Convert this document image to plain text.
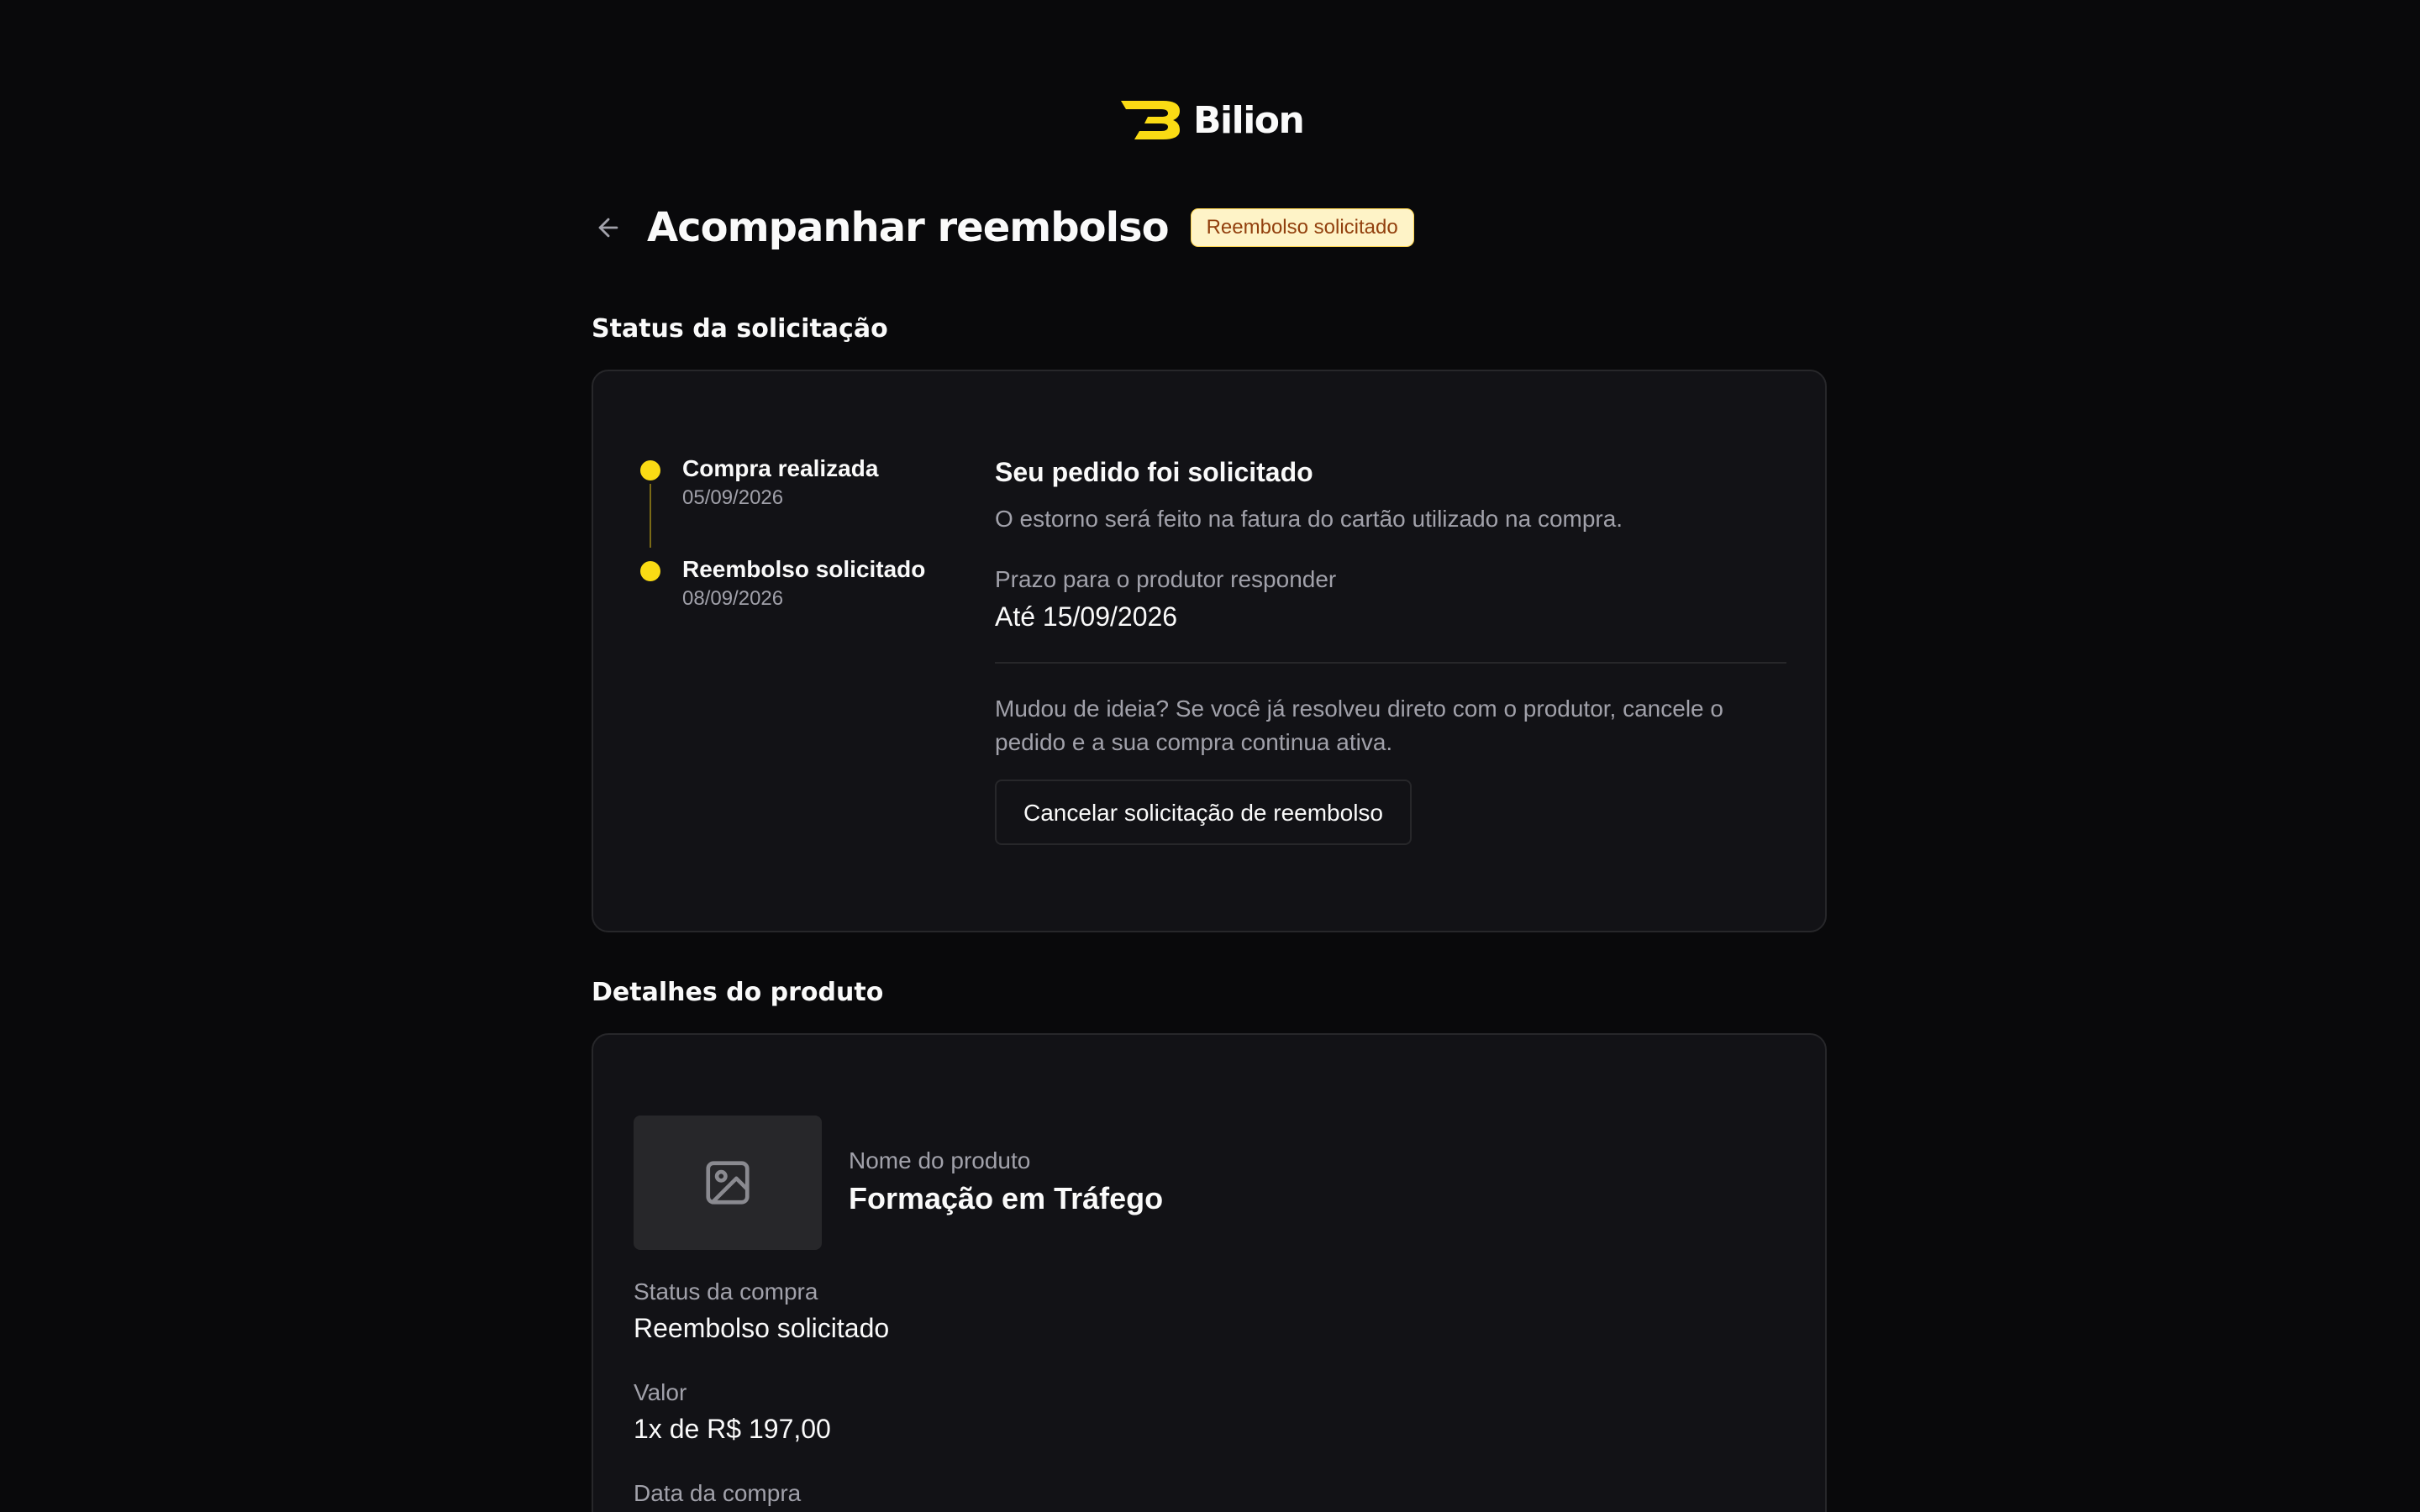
Bilion
Acompanhar reembolso	Reembolso solicitado
Status da solicitação
Compra realizada
05/09/2026
Reembolso solicitado
08/09/2026
Seu pedido foi solicitado
O estorno será feito na fatura do cartão utilizado na compra.
Prazo para o produtor responder
Até 15/09/2026
Mudou de ideia? Se você já resolveu direto com o produtor, cancele o pedido e a sua compra continua ativa.
Cancelar solicitação de reembolso
Detalhes do produto
Nome do produto
Formação em Tráfego
Status da compra
Reembolso solicitado
Valor
1x de R$ 197,00
Data da compra
